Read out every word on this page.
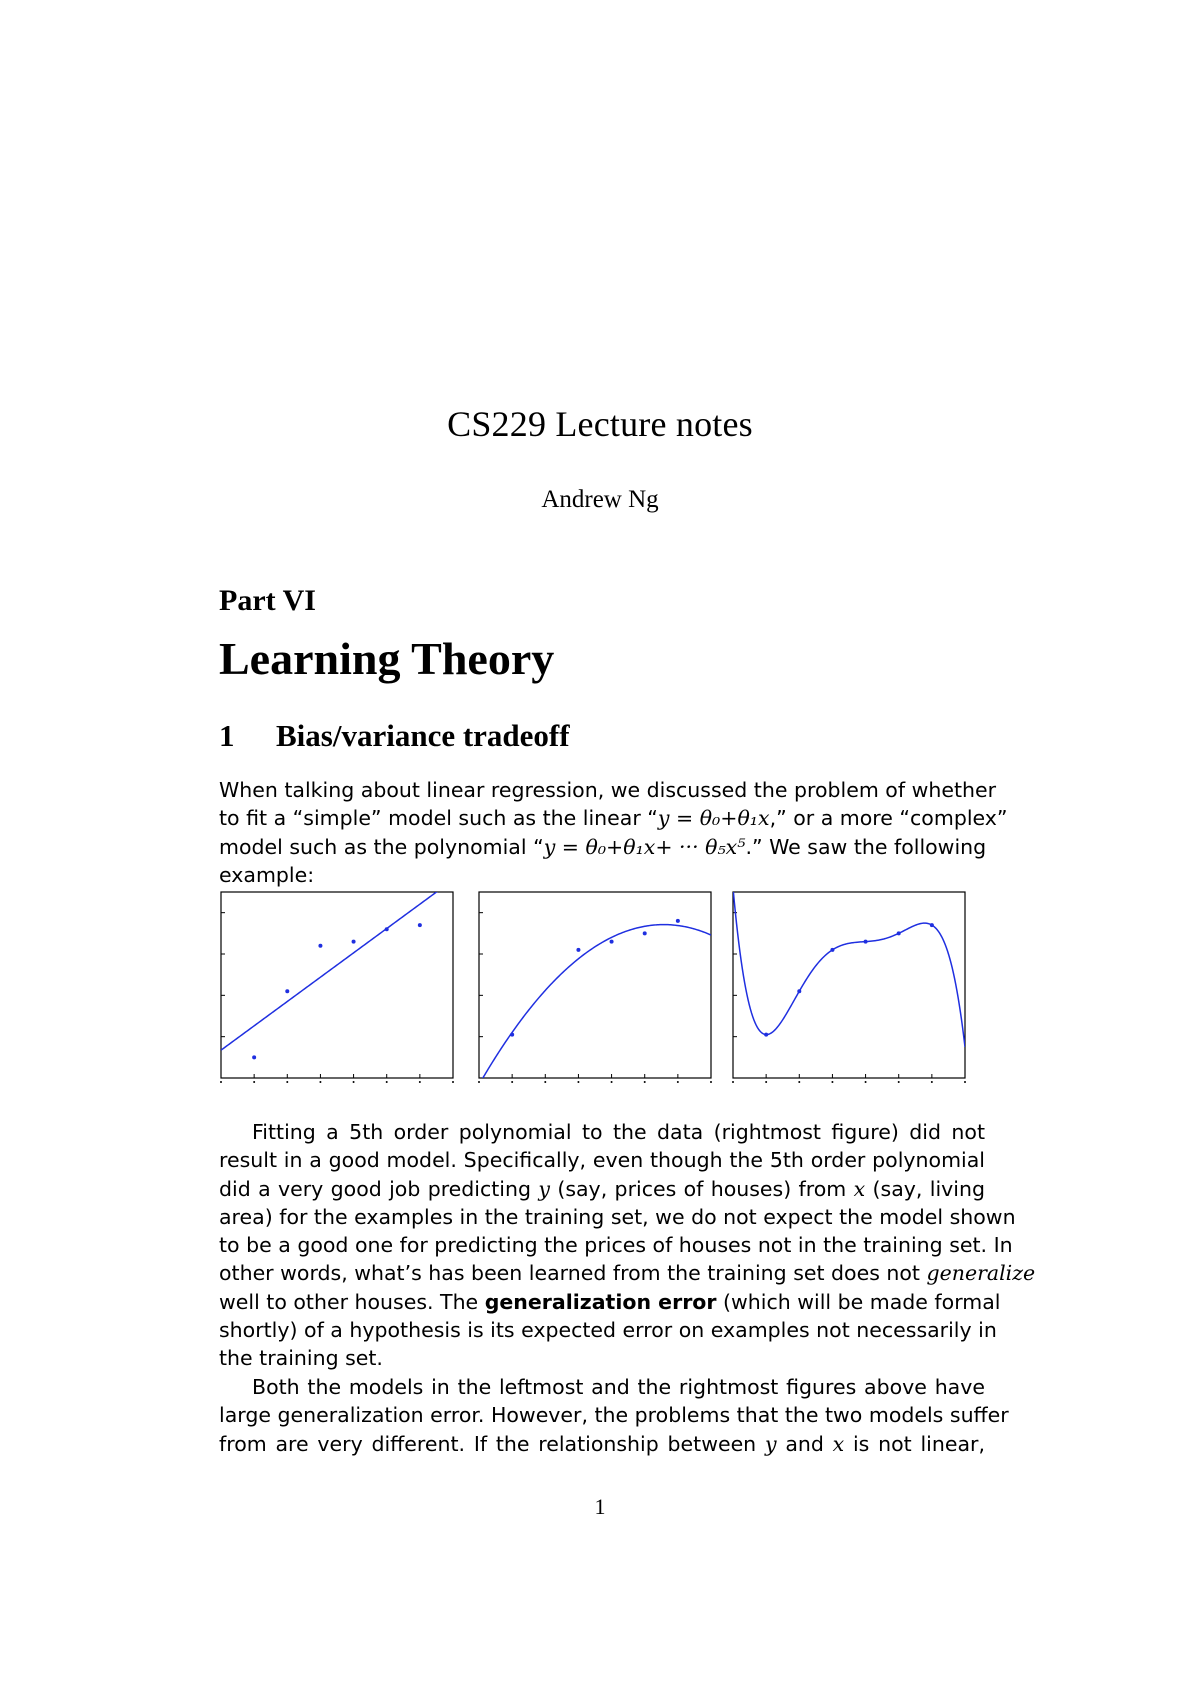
CS229 Lecture notes
Andrew Ng
Part VI
Learning Theory
1 Bias/variance tradeoff
When talking about linear regression, we discussed the problem of whether
to fit a “simple” model such as the linear “y = θ₀+θ₁x,” or a more “complex”
model such as the polynomial “y = θ₀+θ₁x+ ··· θ₅x⁵.” We saw the following
example:
Fitting a 5th order polynomial to the data (rightmost figure) did not
result in a good model. Specifically, even though the 5th order polynomial
did a very good job predicting y (say, prices of houses) from x (say, living
area) for the examples in the training set, we do not expect the model shown
to be a good one for predicting the prices of houses not in the training set. In
other words, what’s has been learned from the training set does not generalize
well to other houses. The generalization error (which will be made formal
shortly) of a hypothesis is its expected error on examples not necessarily in
the training set.
Both the models in the leftmost and the rightmost figures above have
large generalization error. However, the problems that the two models suffer
from are very different. If the relationship between y and x is not linear,
1
